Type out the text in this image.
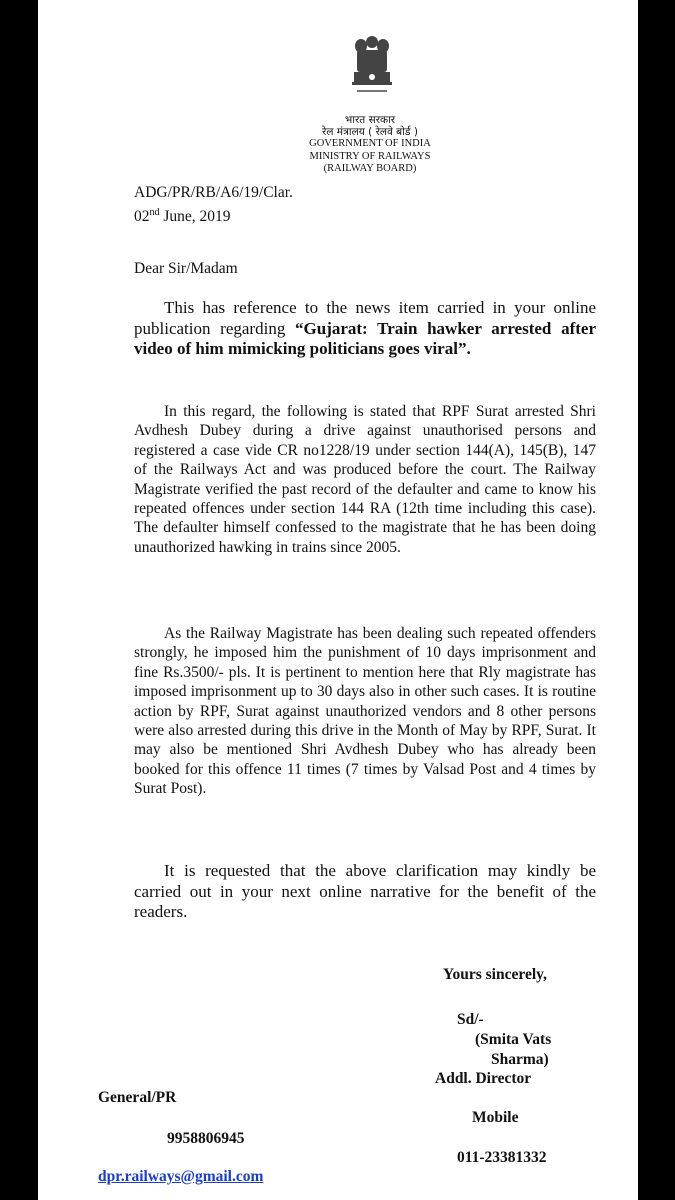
भारत सरकार
रेल मंत्रालय ( रेलवे बोर्ड )
GOVERNMENT OF INDIA
MINISTRY OF RAILWAYS
(RAILWAY BOARD)
ADG/PR/RB/A6/19/Clar.
02nd June, 2019
Dear Sir/Madam
This has reference to the news item carried in your online publication regarding “Gujarat: Train hawker arrested after video of him mimicking politicians goes viral”.
In this regard, the following is stated that RPF Surat arrested Shri Avdhesh Dubey during a drive against unauthorised persons and registered a case vide CR no1228/19 under section 144(A), 145(B), 147 of the Railways Act and was produced before the court. The Railway Magistrate verified the past record of the defaulter and came to know his repeated offences under section 144 RA (12th time including this case). The defaulter himself confessed to the magistrate that he has been doing unauthorized hawking in trains since 2005.
As the Railway Magistrate has been dealing such repeated offenders strongly, he imposed him the punishment of 10 days imprisonment and fine Rs.3500/- pls. It is pertinent to mention here that Rly magistrate has imposed imprisonment up to 30 days also in other such cases. It is routine action by RPF, Surat against unauthorized vendors and 8 other persons were also arrested during this drive in the Month of May by RPF, Surat. It may also be mentioned Shri Avdhesh Dubey who has already been booked for this offence 11 times (7 times by Valsad Post and 4 times by Surat Post).
It is requested that the above clarification may kindly be carried out in your next online narrative for the benefit of the readers.
Yours sincerely,
Sd/-
(Smita Vats
Sharma)
Addl. Director
Mobile
011-23381332
General/PR
9958806945
dpr.railways@gmail.com
